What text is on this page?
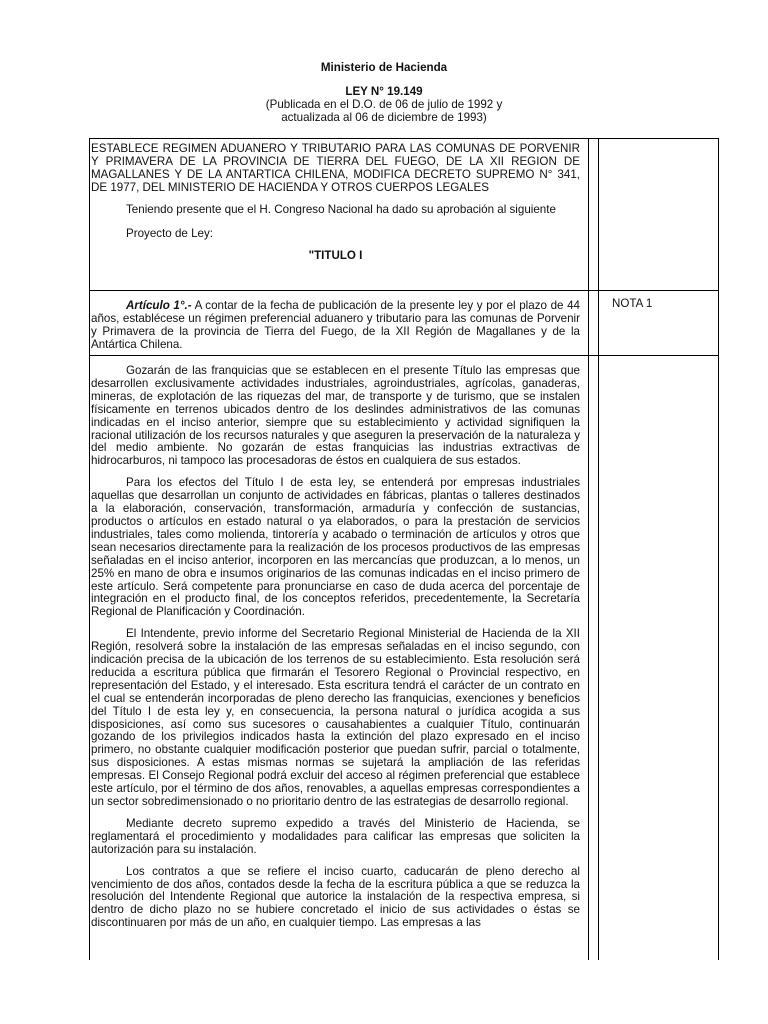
Ministerio de Hacienda

LEY N° 19.149

(Publicada en el D.O. de 06 de julio de 1992 y

actualizada al 06 de diciembre de 1993)

ESTABLECE REGIMEN ADUANERO Y TRIBUTARIO PARA LAS COMUNAS DE PORVENIR Y PRIMAVERA DE LA PROVINCIA DE TIERRA DEL FUEGO, DE LA XII REGION DE MAGALLANES Y DE LA ANTARTICA CHILENA, MODIFICA DECRETO SUPREMO N° 341, DE 1977, DEL MINISTERIO DE HACIENDA Y OTROS CUERPOS LEGALES

Teniendo presente que el H. Congreso Nacional ha dado su aprobación al siguiente

Proyecto de Ley:

"TITULO I

Artículo 1°.- A contar de la fecha de publicación de la presente ley y por el plazo de 44 años, establécese un régimen preferencial aduanero y tributario para las comunas de Porvenir y Primavera de la provincia de Tierra del Fuego, de la XII Región de Magallanes y de la Antártica Chilena.

NOTA 1

Gozarán de las franquicias que se establecen en el presente Título las empresas que desarrollen exclusivamente actividades industriales, agroindustriales, agrícolas, ganaderas, mineras, de explotación de las riquezas del mar, de transporte y de turismo, que se instalen físicamente en terrenos ubicados dentro de los deslindes administrativos de las comunas indicadas en el inciso anterior, siempre que su establecimiento y actividad signifiquen la racional utilización de los recursos naturales y que aseguren la preservación de la naturaleza y del medio ambiente. No gozarán de estas franquicias las industrias extractivas de hidrocarburos, ni tampoco las procesadoras de éstos en cualquiera de sus estados.

Para los efectos del Título I de esta ley, se entenderá por empresas industriales aquellas que desarrollan un conjunto de actividades en fábricas, plantas o talleres destinados a la elaboración, conservación, transformación, armaduría y confección de sustancias, productos o artículos en estado natural o ya elaborados, o para la prestación de servicios industriales, tales como molienda, tintorería y acabado o terminación de artículos y otros que sean necesarios directamente para la realización de los procesos productivos de las empresas señaladas en el inciso anterior, incorporen en las mercancías que produzcan, a lo menos, un 25% en mano de obra e insumos originarios de las comunas indicadas en el inciso primero de este artículo. Será competente para pronunciarse en caso de duda acerca del porcentaje de integración en el producto final, de los conceptos referidos, precedentemente, la Secretaría Regional de Planificación y Coordinación.

El Intendente, previo informe del Secretario Regional Ministerial de Hacienda de la XII Región, resolverá sobre la instalación de las empresas señaladas en el inciso segundo, con indicación precisa de la ubicación de los terrenos de su establecimiento. Esta resolución será reducida a escritura pública que firmarán el Tesorero Regional o Provincial respectivo, en representación del Estado, y el interesado. Esta escritura tendrá el carácter de un contrato en el cual se entenderán incorporadas de pleno derecho las franquicias, exenciones y beneficios del Título I de esta ley y, en consecuencia, la persona natural o jurídica acogida a sus disposiciones, así como sus sucesores o causahabientes a cualquier Título, continuarán gozando de los privilegios indicados hasta la extinción del plazo expresado en el inciso primero, no obstante cualquier modificación posterior que puedan sufrir, parcial o totalmente, sus disposiciones. A estas mismas normas se sujetará la ampliación de las referidas empresas. El Consejo Regional podrá excluir del acceso al régimen preferencial que establece este artículo, por el término de dos años, renovables, a aquellas empresas correspondientes a un sector sobredimensionado o no prioritario dentro de las estrategias de desarrollo regional.

Mediante decreto supremo expedido a través del Ministerio de Hacienda, se reglamentará el procedimiento y modalidades para calificar las empresas que soliciten la autorización para su instalación.

Los contratos a que se refiere el inciso cuarto, caducarán de pleno derecho al vencimiento de dos años, contados desde la fecha de la escritura pública a que se reduzca la resolución del Intendente Regional que autorice la instalación de la respectiva empresa, si dentro de dicho plazo no se hubiere concretado el inicio de sus actividades o éstas se discontinuaren por más de un año, en cualquier tiempo. Las empresas a las
